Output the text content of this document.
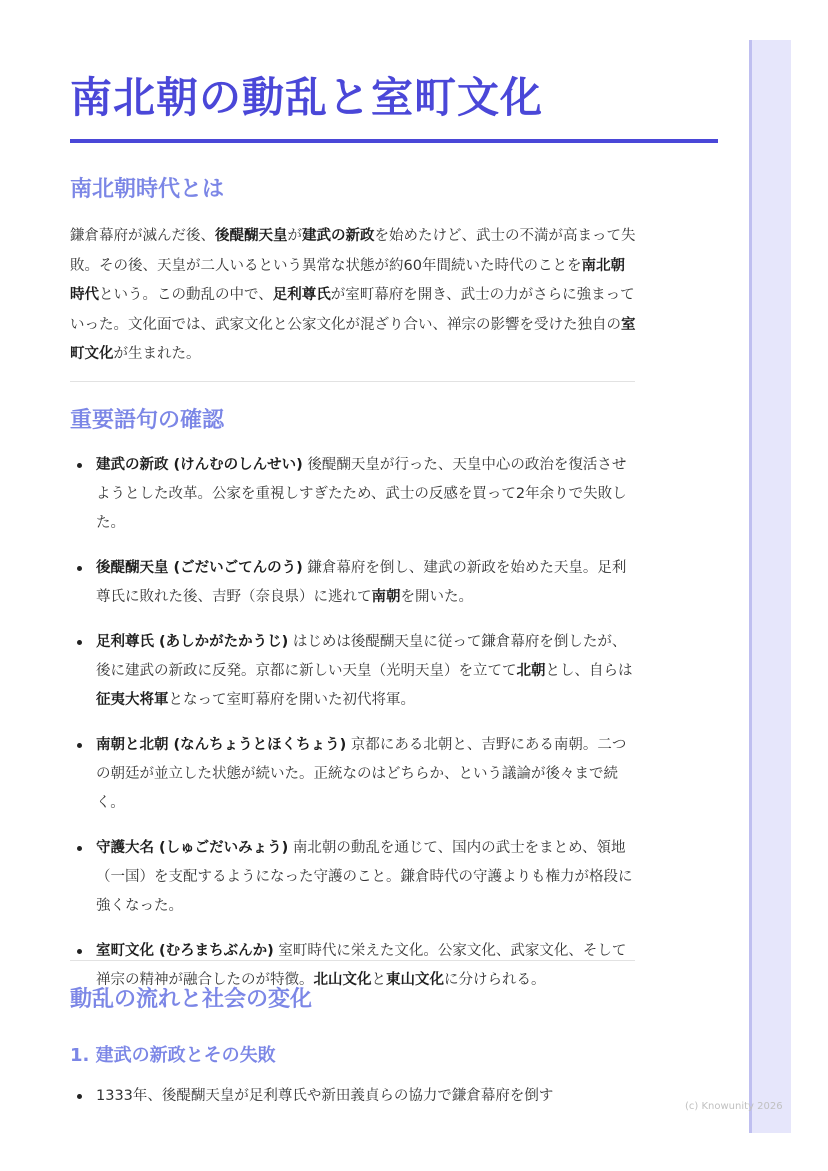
南北朝の動乱と室町文化
南北朝時代とは

鎌倉幕府が滅んだ後、後醍醐天皇が建武の新政を始めたけど、武士の不満が高まって失敗。その後、天皇が二人いるという異常な状態が約60年間続いた時代のことを南北朝時代という。この動乱の中で、足利尊氏が室町幕府を開き、武士の力がさらに強まっていった。文化面では、武家文化と公家文化が混ざり合い、禅宗の影響を受けた独自の室町文化が生まれた。

重要語句の確認
建武の新政 (けんむのしんせい) 後醍醐天皇が行った、天皇中心の政治を復活させようとした改革。公家を重視しすぎたため、武士の反感を買って2年余りで失敗した。
後醍醐天皇 (ごだいごてんのう) 鎌倉幕府を倒し、建武の新政を始めた天皇。足利尊氏に敗れた後、吉野（奈良県）に逃れて南朝を開いた。
足利尊氏 (あしかがたかうじ) はじめは後醍醐天皇に従って鎌倉幕府を倒したが、後に建武の新政に反発。京都に新しい天皇（光明天皇）を立てて北朝とし、自らは征夷大将軍となって室町幕府を開いた初代将軍。
南朝と北朝 (なんちょうとほくちょう) 京都にある北朝と、吉野にある南朝。二つの朝廷が並立した状態が続いた。正統なのはどちらか、という議論が後々まで続く。
守護大名 (しゅごだいみょう) 南北朝の動乱を通じて、国内の武士をまとめ、領地（一国）を支配するようになった守護のこと。鎌倉時代の守護よりも権力が格段に強くなった。
室町文化 (むろまちぶんか) 室町時代に栄えた文化。公家文化、武家文化、そして禅宗の精神が融合したのが特徴。北山文化と東山文化に分けられる。
動乱の流れと社会の変化
1. 建武の新政とその失敗
1333年、後醍醐天皇が足利尊氏や新田義貞らの協力で鎌倉幕府を倒す
(c) Knowunity 2026
